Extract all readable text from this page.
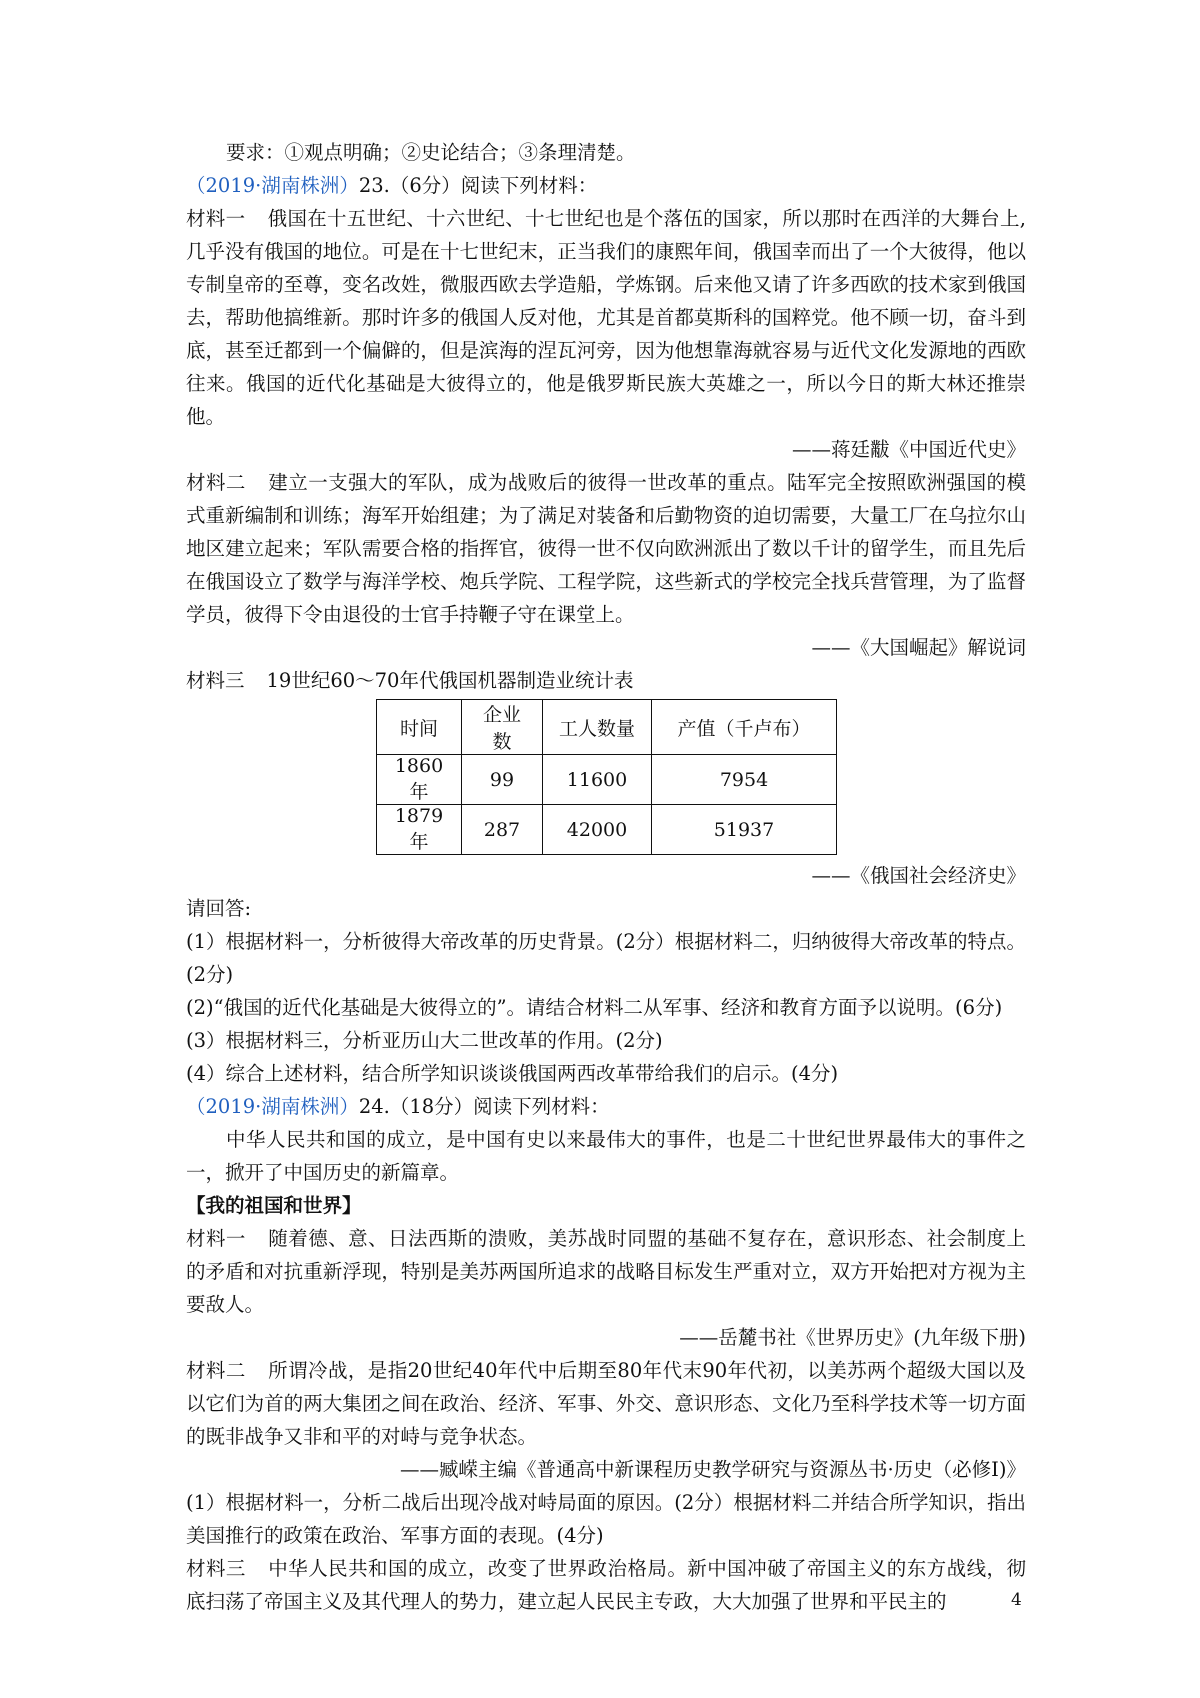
要求：①观点明确；②史论结合；③条理清楚。

（2019·湖南株洲）23.（6分）阅读下列材料：

材料一 俄国在十五世纪、十六世纪、十七世纪也是个落伍的国家，所以那时在西洋的大舞台上,几乎没有俄国的地位。可是在十七世纪末，正当我们的康熙年间，俄国幸而出了一个大彼得，他以专制皇帝的至尊，变名改姓，微服西欧去学造船，学炼钢。后来他又请了许多西欧的技术家到俄国去，帮助他搞维新。那时许多的俄国人反对他，尤其是首都莫斯科的国粹党。他不顾一切，奋斗到底，甚至迁都到一个偏僻的，但是滨海的涅瓦河旁，因为他想靠海就容易与近代文化发源地的西欧往来。俄国的近代化基础是大彼得立的，他是俄罗斯民族大英雄之一，所以今日的斯大林还推崇他。

——蒋廷黻《中国近代史》

材料二 建立一支强大的军队，成为战败后的彼得一世改革的重点。陆军完全按照欧洲强国的模式重新编制和训练；海军开始组建；为了满足对装备和后勤物资的迫切需要，大量工厂在乌拉尔山地区建立起来；军队需要合格的指挥官，彼得一世不仅向欧洲派出了数以千计的留学生，而且先后在俄国设立了数学与海洋学校、炮兵学院、工程学院，这些新式的学校完全找兵营管理，为了监督学员，彼得下令由退役的士官手持鞭子守在课堂上。

——《大国崛起》解说词

材料三 19世纪60～70年代俄国机器制造业统计表

时间	企业数	工人数量	产值（千卢布）
1860年	99	11600	7954
1879年	287	42000	51937

——《俄国社会经济史》

请回答:

(1）根据材料一，分析彼得大帝改革的历史背景。(2分）根据材料二，归纳彼得大帝改革的特点。(2分)

(2)“俄国的近代化基础是大彼得立的”。请结合材料二从军事、经济和教育方面予以说明。(6分)

(3）根据材料三，分析亚历山大二世改革的作用。(2分)

(4）综合上述材料，结合所学知识谈谈俄国两西改革带给我们的启示。(4分)

（2019·湖南株洲）24.（18分）阅读下列材料：

中华人民共和国的成立，是中国有史以来最伟大的事件，也是二十世纪世界最伟大的事件之一，掀开了中国历史的新篇章。

【我的祖国和世界】

材料一 随着德、意、日法西斯的溃败，美苏战时同盟的基础不复存在，意识形态、社会制度上的矛盾和对抗重新浮现，特别是美苏两国所追求的战略目标发生严重对立，双方开始把对方视为主要敌人。

——岳麓书社《世界历史》(九年级下册)

材料二 所谓冷战，是指20世纪40年代中后期至80年代末90年代初，以美苏两个超级大国以及以它们为首的两大集团之间在政治、经济、军事、外交、意识形态、文化乃至科学技术等一切方面的既非战争又非和平的对峙与竞争状态。

——臧嵘主编《普通高中新课程历史教学研究与资源丛书·历史（必修Ⅰ)》

(1）根据材料一，分析二战后出现冷战对峙局面的原因。(2分）根据材料二并结合所学知识，指出美国推行的政策在政治、军事方面的表现。(4分)

材料三 中华人民共和国的成立，改变了世界政治格局。新中国冲破了帝国主义的东方战线，彻底扫荡了帝国主义及其代理人的势力，建立起人民民主专政，大大加强了世界和平民主的	4
